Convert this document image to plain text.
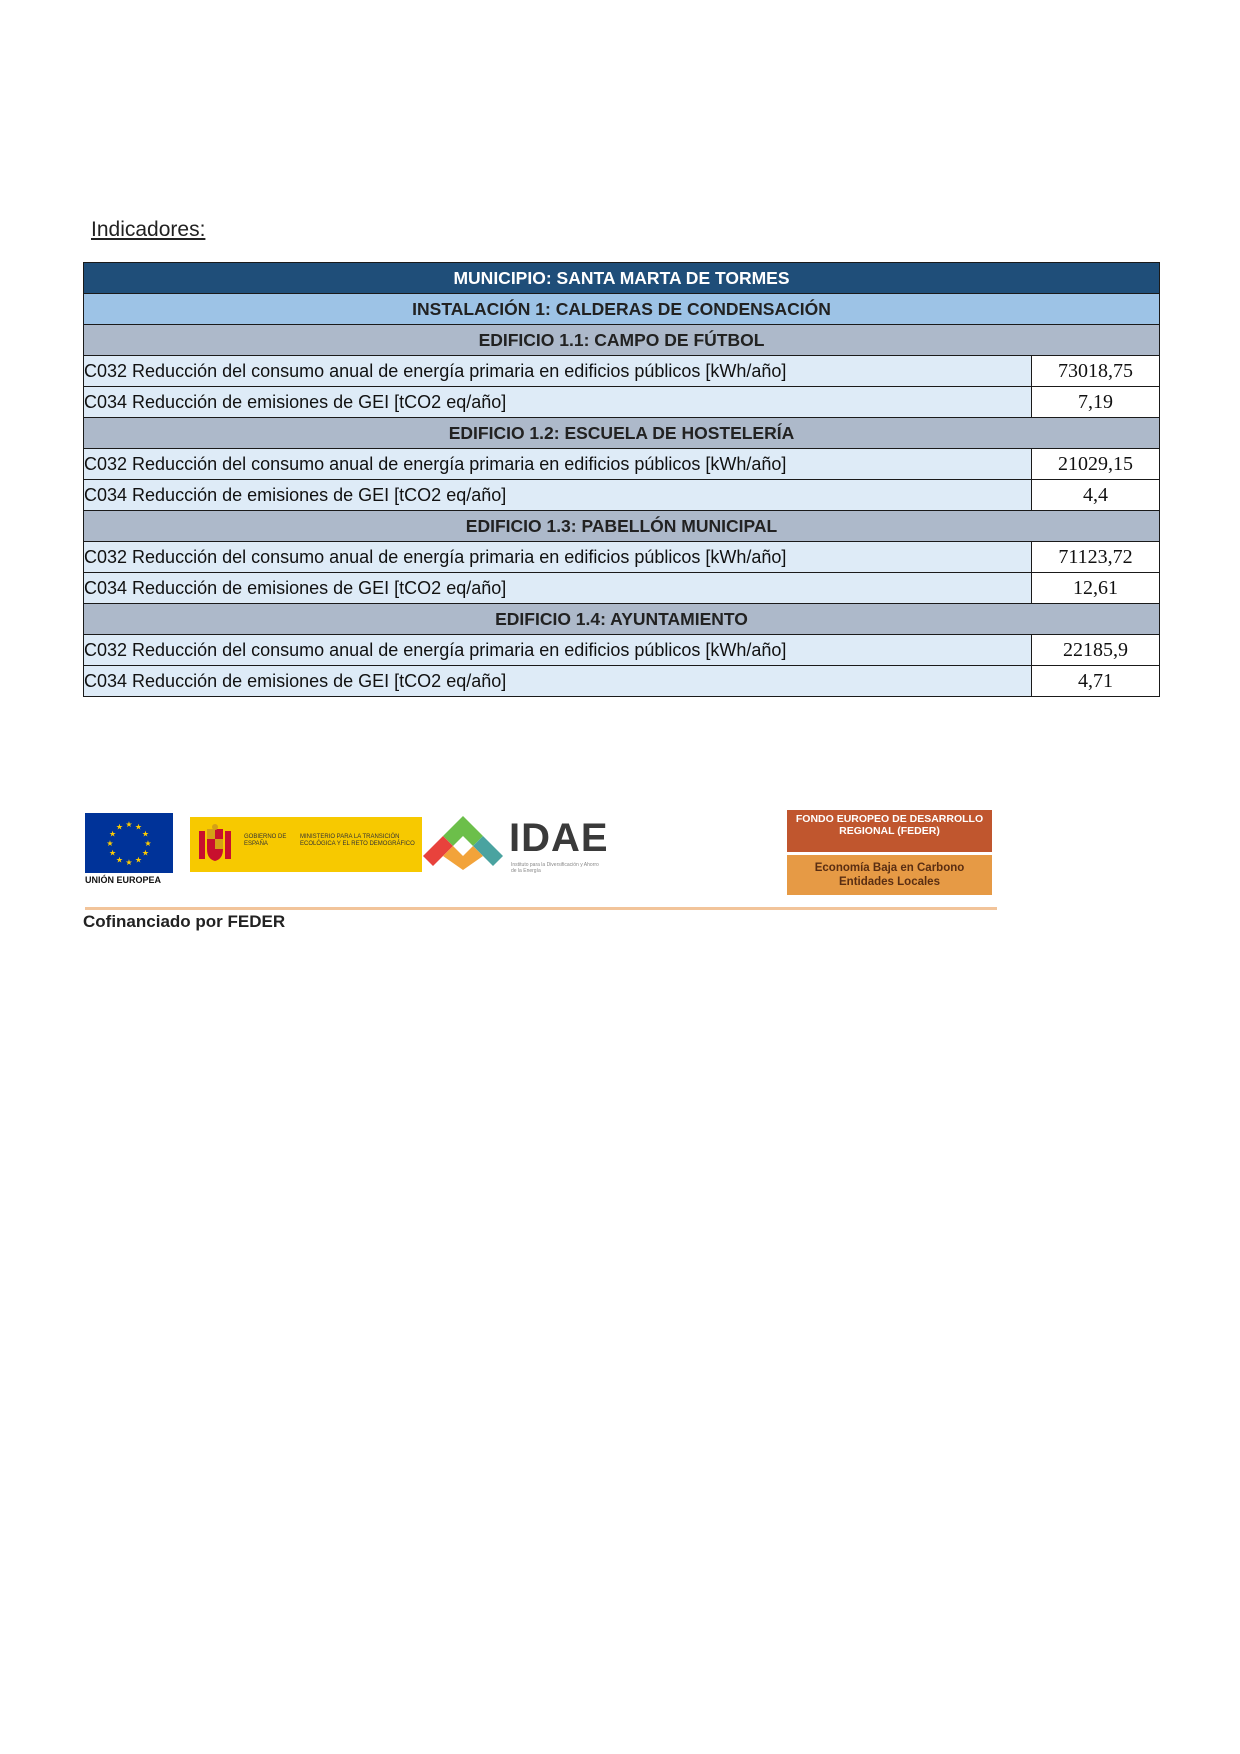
Indicadores:
MUNICIPIO: SANTA MARTA DE TORMES	
INSTALACIÓN 1: CALDERAS DE CONDENSACIÓN	
EDIFICIO 1.1: CAMPO DE FÚTBOL	
C032 Reducción del consumo anual de energía primaria en edificios públicos [kWh/año]	73018,75
C034 Reducción de emisiones de GEI [tCO2 eq/año]	7,19
EDIFICIO 1.2: ESCUELA DE HOSTELERÍA	
C032 Reducción del consumo anual de energía primaria en edificios públicos [kWh/año]	21029,15
C034 Reducción de emisiones de GEI [tCO2 eq/año]	4,4
EDIFICIO 1.3: PABELLÓN MUNICIPAL	
C032 Reducción del consumo anual de energía primaria en edificios públicos [kWh/año]	71123,72
C034 Reducción de emisiones de GEI [tCO2 eq/año]	12,61
EDIFICIO 1.4: AYUNTAMIENTO	
C032 Reducción del consumo anual de energía primaria en edificios públicos [kWh/año]	22185,9
C034 Reducción de emisiones de GEI [tCO2 eq/año]	4,71
★
★
★
★
★
★
★
★
★ ★ ★
★
UNIÓN EUROPEA
GOBIERNO DE ESPAÑA
MINISTERIO PARA LA TRANSICIÓN ECOLÓGICA Y EL RETO DEMOGRÁFICO IDAE
Instituto para la Diversificación y Ahorro de la Energía
FONDO EUROPEO DE DESARROLLO REGIONAL (FEDER)
Economía Baja en Carbono Entidades Locales
Cofinanciado por FEDER
